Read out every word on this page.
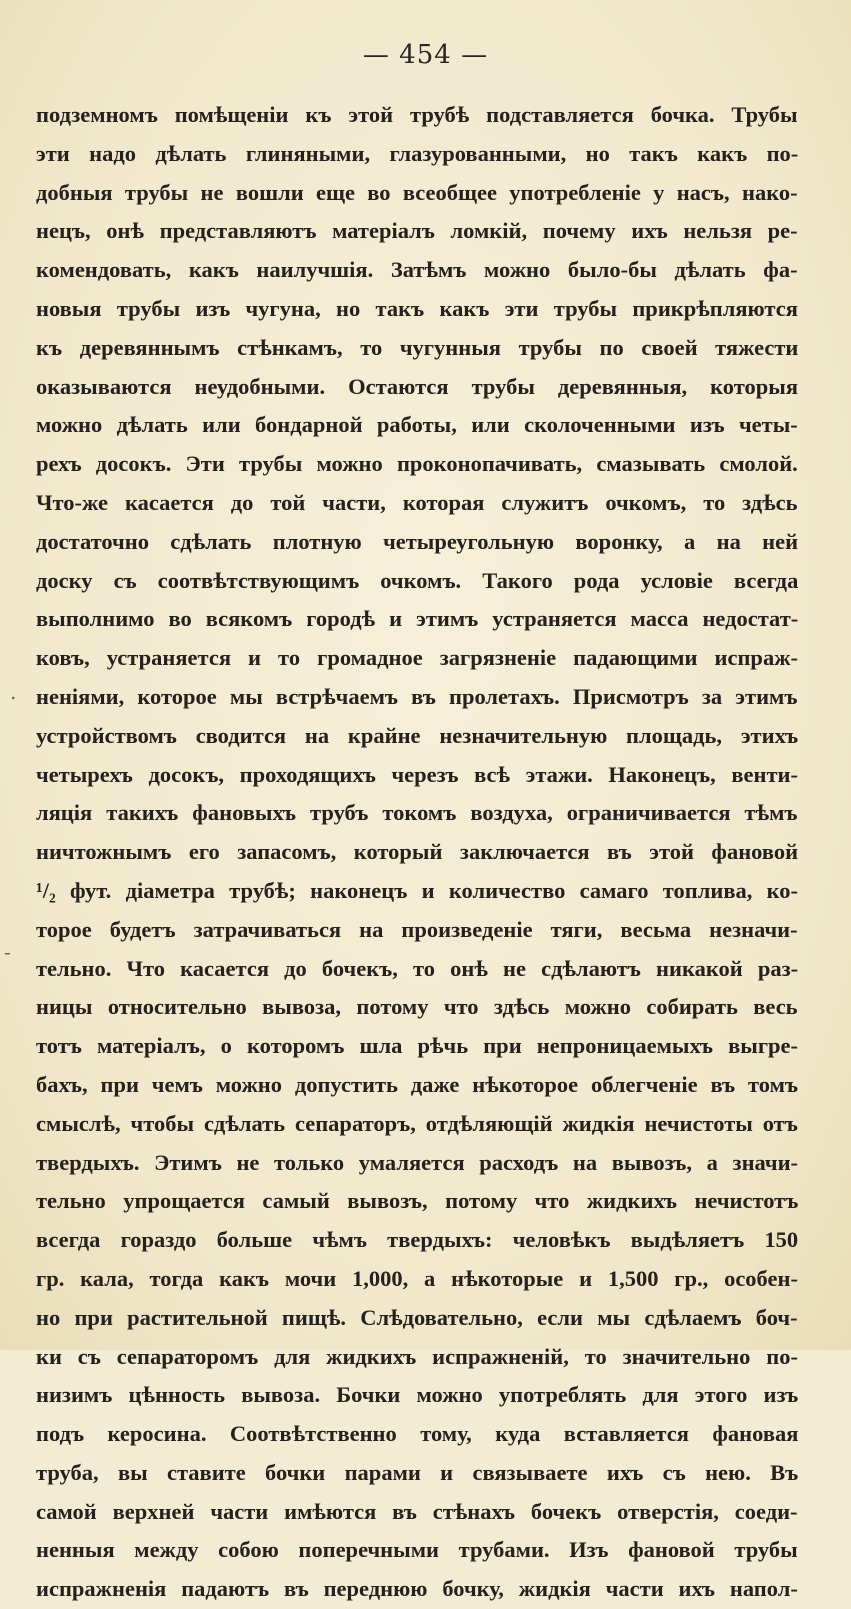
— 454 —
.
-
подземномъ помѣщеніи къ этой трубѣ подставляется бочка. Трубы
эти надо дѣлать глиняными, глазурованными, но такъ какъ по-
добныя трубы не вошли еще во всеобщее употребленіе у насъ, нако-
нецъ, онѣ представляютъ матеріалъ ломкій, почему ихъ нельзя ре-
комендовать, какъ наилучшія. Затѣмъ можно было-бы дѣлать фа-
новыя трубы изъ чугуна, но такъ какъ эти трубы прикрѣпляются
къ деревяннымъ стѣнкамъ, то чугунныя трубы по своей тяжести
оказываются неудобными. Остаются трубы деревянныя, которыя
можно дѣлать или бондарной работы, или сколоченными изъ четы-
рехъ досокъ. Эти трубы можно проконопачивать, смазывать смолой.
Что-же касается до той части, которая служитъ очкомъ, то здѣсь
достаточно сдѣлать плотную четыреугольную воронку, а на ней
доску съ соотвѣтствующимъ очкомъ. Такого рода условіе всегда
выполнимо во всякомъ городѣ и этимъ устраняется масса недостат-
ковъ, устраняется и то громадное загрязненіе падающими испраж-
неніями, которое мы встрѣчаемъ въ пролетахъ. Присмотръ за этимъ
устройствомъ сводится на крайне незначительную площадь, этихъ
четырехъ досокъ, проходящихъ черезъ всѣ этажи. Наконецъ, венти-
ляція такихъ фановыхъ трубъ токомъ воздуха, ограничивается тѣмъ
ничтожнымъ его запасомъ, который заключается въ этой фановой
¹/₂ фут. діаметра трубѣ; наконецъ и количество самаго топлива, ко-
торое будетъ затрачиваться на произведеніе тяги, весьма незначи-
тельно. Что касается до бочекъ, то онѣ не сдѣлаютъ никакой раз-
ницы относительно вывоза, потому что здѣсь можно собирать весь
тотъ матеріалъ, о которомъ шла рѣчь при непроницаемыхъ выгре-
бахъ, при чемъ можно допустить даже нѣкоторое облегченіе въ томъ
смыслѣ, чтобы сдѣлать сепараторъ, отдѣляющій жидкія нечистоты отъ
твердыхъ. Этимъ не только умаляется расходъ на вывозъ, а значи-
тельно упрощается самый вывозъ, потому что жидкихъ нечистотъ
всегда гораздо больше чѣмъ твердыхъ: человѣкъ выдѣляетъ 150
гр. кала, тогда какъ мочи 1,000, а нѣкоторые и 1,500 гр., особен-
но при растительной пищѣ. Слѣдовательно, если мы сдѣлаемъ боч-
ки съ сепараторомъ для жидкихъ испражненій, то значительно по-
низимъ цѣнность вывоза. Бочки можно употреблять для этого изъ
подъ керосина. Соотвѣтственно тому, куда вставляется фановая
труба, вы ставите бочки парами и связываете ихъ съ нею. Въ
самой верхней части имѣются въ стѣнахъ бочекъ отверстія, соеди-
ненныя между собою поперечными трубами. Изъ фановой трубы
испражненія падаютъ въ переднюю бочку, жидкія части ихъ напол-
